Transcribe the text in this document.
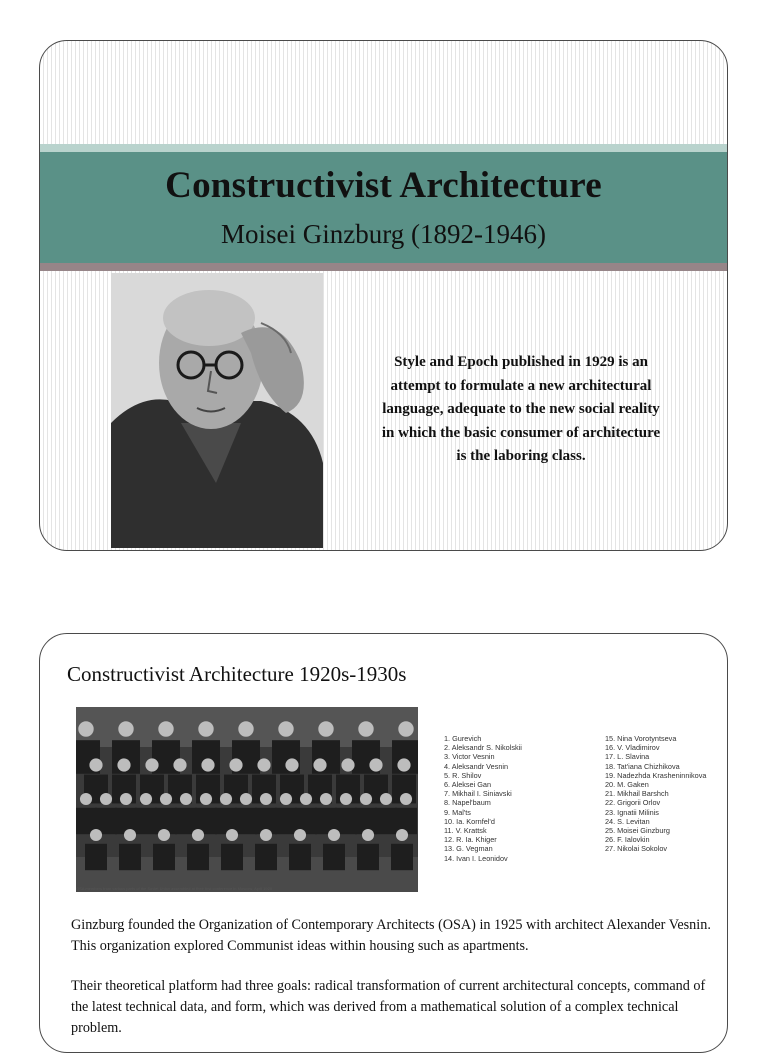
Constructivist Architecture
Moisei Ginzburg (1892-1946)
Style and Epoch published in 1929 is an attempt to formulate a new architectural language, adequate to the new social reality in which the basic consumer of architecture is the laboring class.
Constructivist Architecture 1920s-1930s
OSA members from various parts of the Soviet Union assembled at their first conference in Moscow, April 1928
1. Gurevich
2. Aleksandr S. Nikolskii
3. Victor Vesnin
4. Aleksandr Vesnin
5. R. Shilov
6. Aleksei Gan
7. Mikhail I. Siniavski
8. Napel'baum
9. Mal'ts
10. Ia. Kornfel'd
11. V. Krattsk
12. R. Ia. Khiger
13. G. Vegman
14. Ivan I. Leonidov
15. Nina Vorotyntseva
16. V. Vladimirov
17. L. Slavina
18. Tat'iana Chizhikova
19. Nadezhda Krasheninnikova
20. M. Gaken
21. Mikhail Barshch
22. Grigorii Orlov
23. Ignatii Milinis
24. S. Levitan
25. Moisei Ginzburg
26. F. Ialovkin
27. Nikolai Sokolov
Ginzburg founded the Organization of Contemporary Architects (OSA) in 1925 with architect Alexander Vesnin. This organization explored Communist ideas within housing such as apartments.
Their theoretical platform had three goals: radical transformation of current architectural concepts, command of the latest technical data, and form, which was derived from a mathematical solution of a complex technical problem.
